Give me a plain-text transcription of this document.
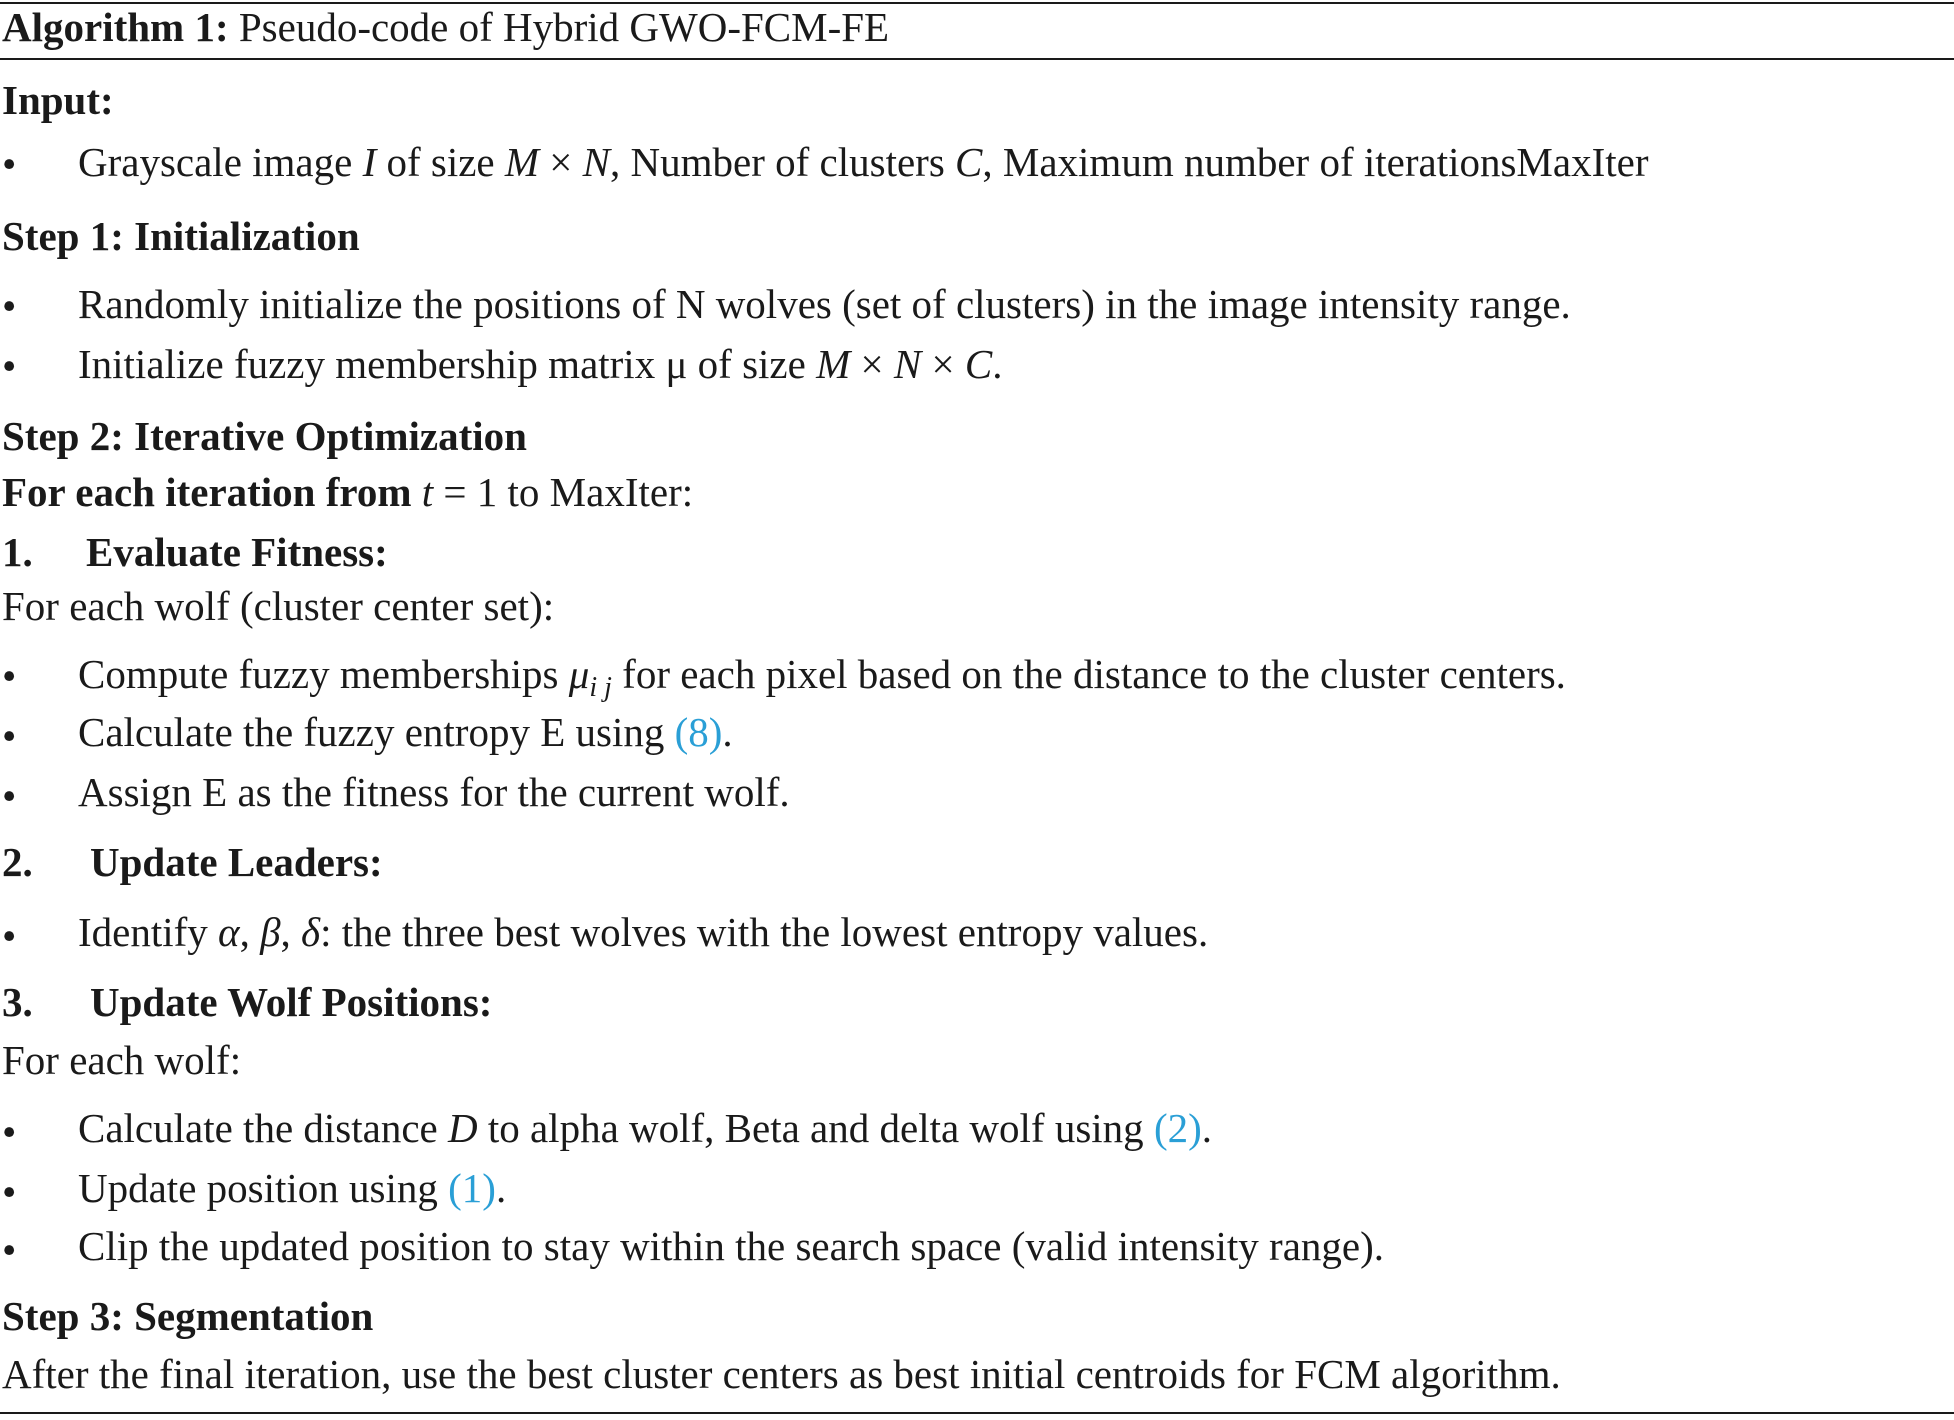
Algorithm 1: Pseudo-code of Hybrid GWO-FCM-FE
Input:
• Grayscale image I of size M × N, Number of clusters C, Maximum number of iterationsMaxIter
Step 1: Initialization
• Randomly initialize the positions of N wolves (set of clusters) in the image intensity range.
• Initialize fuzzy membership matrix μ of size M × N × C.
Step 2: Iterative Optimization
For each iteration from t = 1 to MaxIter:
1. Evaluate Fitness:
For each wolf (cluster center set):
• Compute fuzzy memberships $\mu_{i j}$ for each pixel based on the distance to the cluster centers.
• Calculate the fuzzy entropy E using (8).
• Assign E as the fitness for the current wolf.
2. Update Leaders:
• Identify α, β, δ: the three best wolves with the lowest entropy values.
3. Update Wolf Positions:
For each wolf:
• Calculate the distance D to alpha wolf, Beta and delta wolf using (2).
• Update position using (1).
• Clip the updated position to stay within the search space (valid intensity range).
Step 3: Segmentation
After the final iteration, use the best cluster centers as best initial centroids for FCM algorithm.
